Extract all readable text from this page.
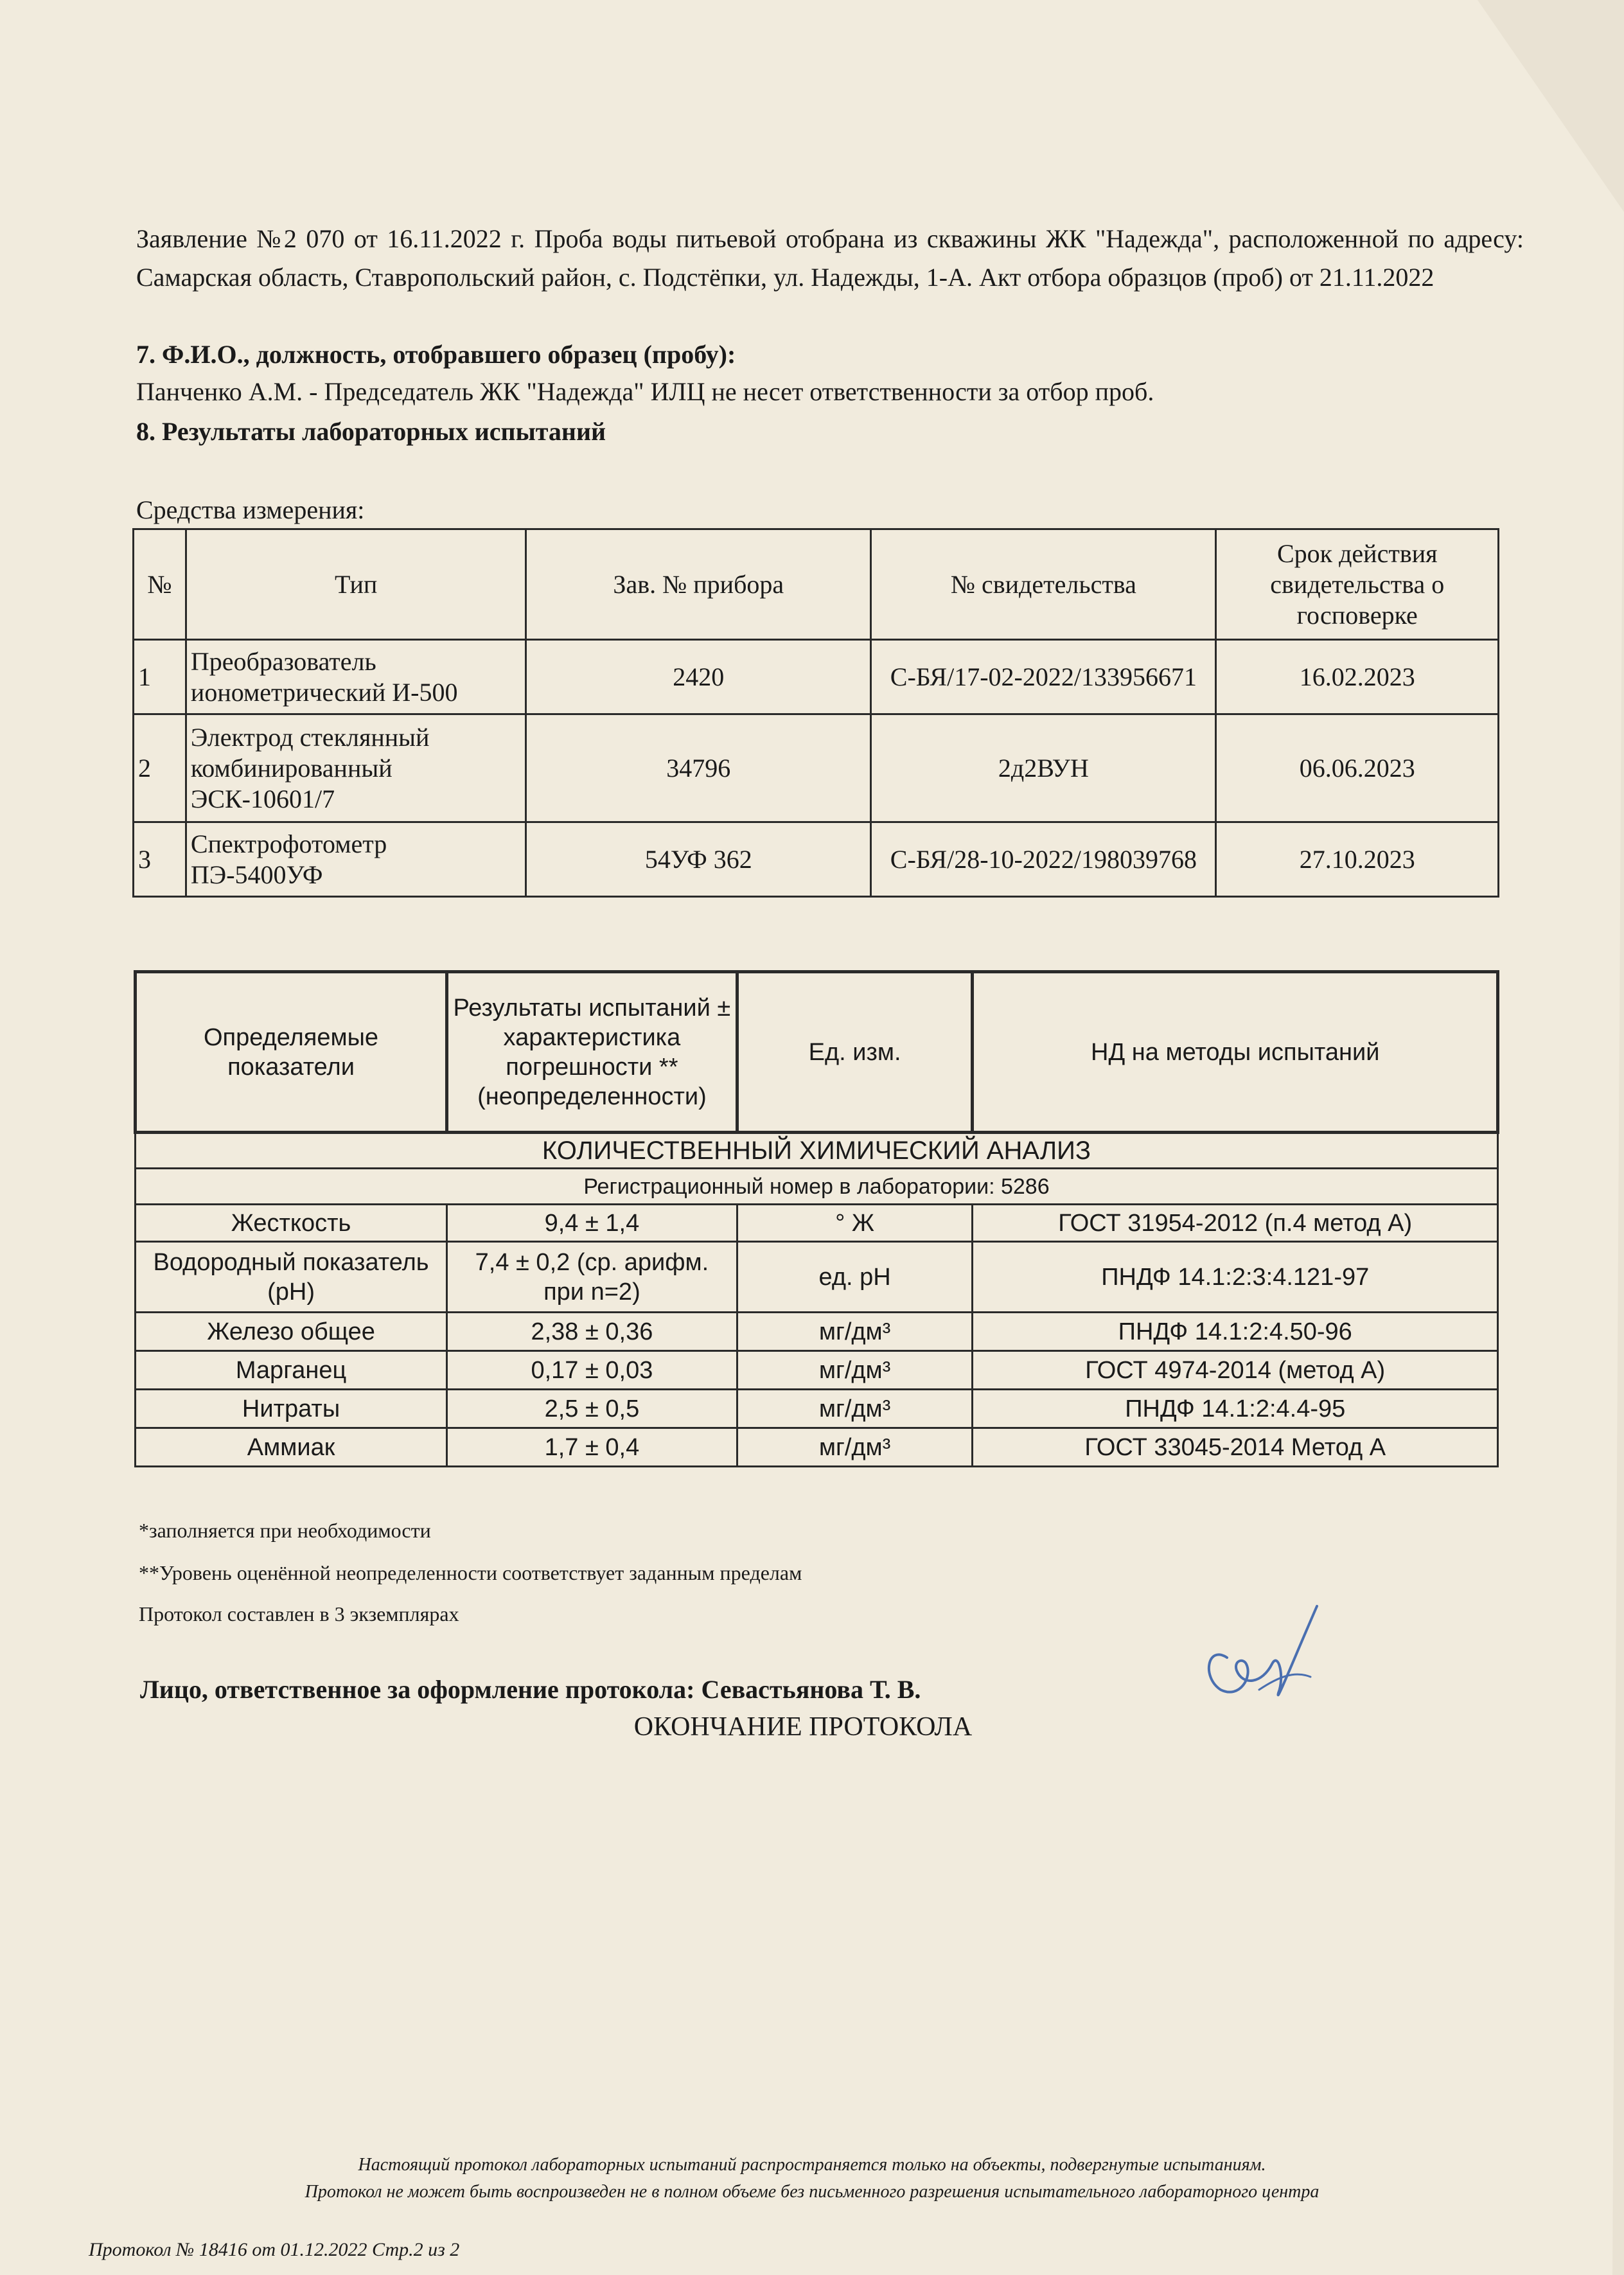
Заявление №2 070 от 16.11.2022 г. Проба воды питьевой отобрана из скважины ЖК "Надежда", расположенной по адресу: Самарская область, Ставропольский район, с. Подстёпки, ул. Надежды, 1-А. Акт отбора образцов (проб) от 21.11.2022
7. Ф.И.О., должность, отобравшего образец (пробу):
Панченко А.М. - Председатель ЖК "Надежда" ИЛЦ не несет ответственности за отбор проб.
8. Результаты лабораторных испытаний
Средства измерения:
№	Тип	Зав. № прибора	№ свидетельства	Срок действия свидетельства о госповерке
1	Преобразователь ионометрический И-500	2420	С-БЯ/17-02-2022/133956671	16.02.2023
2	Электрод стеклянный комбинированный ЭСК-10601/7	34796	2д2ВУН	06.06.2023
3	Спектрофотометр ПЭ-5400УФ	54УФ 362	С-БЯ/28-10-2022/198039768	27.10.2023
Определяемые показатели	Результаты испытаний ± характеристика погрешности **(неопределенности)	Ед. изм.	НД на методы испытаний
КОЛИЧЕСТВЕННЫЙ ХИМИЧЕСКИЙ АНАЛИЗ			
Регистрационный номер в лаборатории: 5286			
Жесткость	9,4 ± 1,4	° Ж	ГОСТ 31954-2012 (п.4 метод А)
Водородный показатель (pH)	7,4 ± 0,2 (ср. арифм. при n=2)	ед. pH	ПНДФ 14.1:2:3:4.121-97
Железо общее	2,38 ± 0,36	мг/дм³	ПНДФ 14.1:2:4.50-96
Марганец	0,17 ± 0,03	мг/дм³	ГОСТ 4974-2014 (метод А)
Нитраты	2,5 ± 0,5	мг/дм³	ПНДФ 14.1:2:4.4-95
Аммиак	1,7 ± 0,4	мг/дм³	ГОСТ 33045-2014 Метод А
*заполняется при необходимости
**Уровень оценённой неопределенности соответствует заданным пределам
Протокол составлен в 3 экземплярах
Лицо, ответственное за оформление протокола: Севастьянова Т. В.
ОКОНЧАНИЕ ПРОТОКОЛА
Настоящий протокол лабораторных испытаний распространяется только на объекты, подвергнутые испытаниям.
Протокол не может быть воспроизведен не в полном объеме без письменного разрешения испытательного лабораторного центра
Протокол № 18416 от 01.12.2022 Стр.2 из 2
